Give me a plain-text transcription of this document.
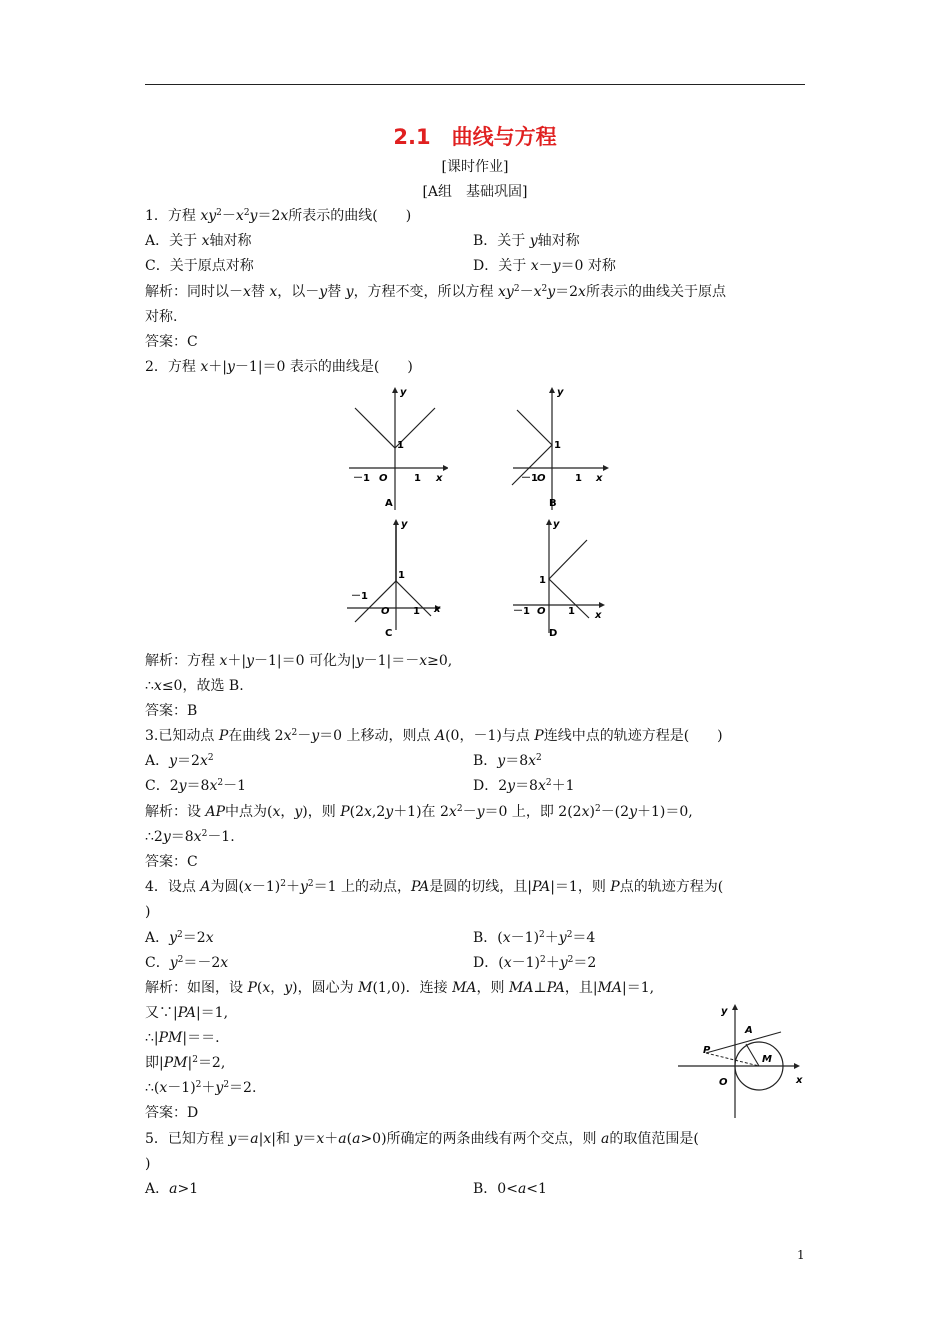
2.1　曲线与方程
[课时作业]
[A组　基础巩固]
1．方程 $xy^2-x^2y=2x$所表示的曲线(　　)
A．关于 x轴对称	B．关于 y轴对称
C．关于原点对称	D．关于 x－y＝0 对称
解析：同时以－x替 x，以－y替 y，方程不变，所以方程 $xy^2-x^2y=2x$所表示的曲线关于原点
对称.
答案：C
2．方程 x＋|y－1|＝0 表示的曲线是(　　)
y
x
O
1
－1	1
A
y
x
O
1
－1	1
B
y
x
O
1
－1
1
C
y
x
O
1
－1	1
D
解析：方程 x＋|y－1|＝0 可化为|y－1|＝－x≥0,
∴x≤0，故选 B.
答案：B
3.已知动点 P在曲线 $2x^2-y=0$ 上移动，则点 A(0，－1)与点 P连线中点的轨迹方程是(　　)
A．$y=2x^2$	B．$y=8x^2$
C．$2y=8x^2-1$	D．$2y=8x^2+1$
解析：设 AP中点为(x，y)，则 P(2x,2y＋1)在 $2x^2-y=0$ 上，即 $2(2x)^2-(2y+1)=0$,
$\therefore 2y=8x^2-1$.
答案：C
4．设点 A为圆$(x-1)^2+y^2=1$ 上的动点，PA是圆的切线，且|PA|＝1，则 P点的轨迹方程为(
)
A．$y^2=2x$	B．$(x-1)^2+y^2=4$
C．$y^2=-2x$	D．$(x-1)^2+y^2=2$
解析：如图，设 P(x，y)，圆心为 M(1,0)．连接 MA，则 MA⊥PA，且|MA|＝1,
又∵|PA|＝1,
∴|PM|＝＝.
即$|PM|^2=2$,
$\therefore(x-1)^2+y^2=2$.
答案：D
y
A
P
M
O	x
5．已知方程 y＝a|x|和 y＝x＋a(a>0)所确定的两条曲线有两个交点，则 a的取值范围是(
)
A．a>1	B．0<a<1
1
